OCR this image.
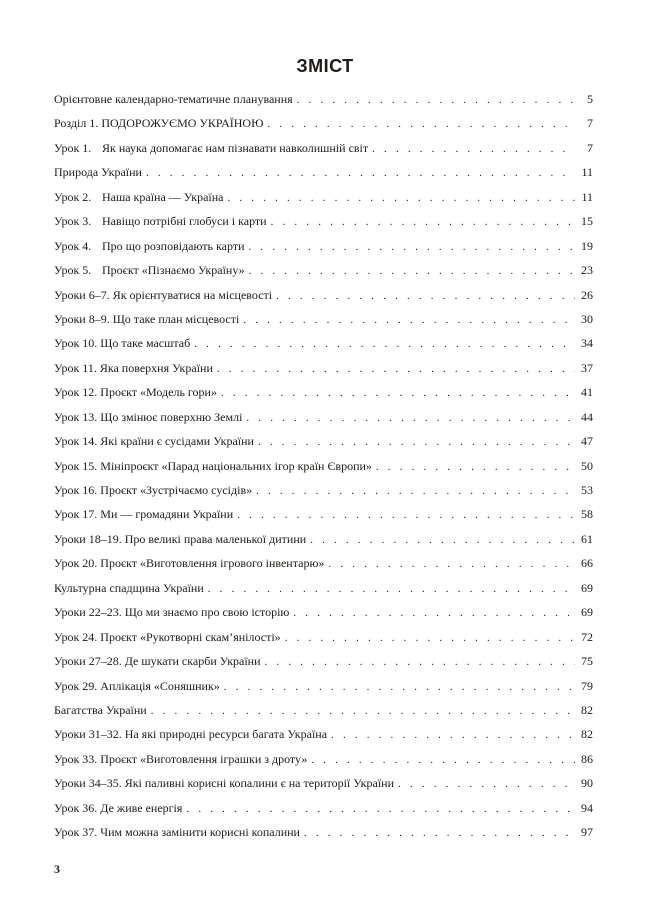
ЗМІСТ
Орієнтовне календарно-тематичне планування . . .	5
Розділ 1. ПОДОРОЖУЄМО УКРАЇНОЮ . . .	7
Урок 1. Як наука допомагає нам пізнавати навколишній світ . . .	7
Природа України . . .	11
Урок 2. Наша країна — Україна . . .	11
Урок 3. Навіщо потрібні глобуси і карти . . .	15
Урок 4. Про що розповідають карти . . .	19
Урок 5. Проєкт «Пізнаємо Україну» . . .	23
Уроки 6–7. Як орієнтуватися на місцевості . . .	26
Уроки 8–9. Що таке план місцевості . . .	30
Урок 10. Що таке масштаб . . .	34
Урок 11. Яка поверхня України . . .	37
Урок 12. Проєкт «Модель гори» . . .	41
Урок 13. Що змінює поверхню Землі . . .	44
Урок 14. Які країни є сусідами України . . .	47
Урок 15. Мініпроєкт «Парад національних ігор країн Європи» . . .	50
Урок 16. Проєкт «Зустрічаємо сусідів» . . .	53
Урок 17. Ми — громадяни України . . .	58
Уроки 18–19. Про великі права маленької дитини . . .	61
Урок 20. Проєкт «Виготовлення ігрового інвентарю» . . .	66
Культурна спадщина України . . .	69
Уроки 22–23. Що ми знаємо про свою історію . . .	69
Урок 24. Проєкт «Рукотворні скам’янілості» . . .	72
Уроки 27–28. Де шукати скарби України . . .	75
Урок 29. Аплікація «Соняшник» . . .	79
Багатства України . . .	82
Уроки 31–32. На які природні ресурси багата Україна . . .	82
Урок 33. Проєкт «Виготовлення іграшки з дроту» . . .	86
Уроки 34–35. Які паливні корисні копалини є на території України . . .	90
Урок 36. Де живе енергія . . .	94
Урок 37. Чим можна замінити корисні копалини . . .	97
3
